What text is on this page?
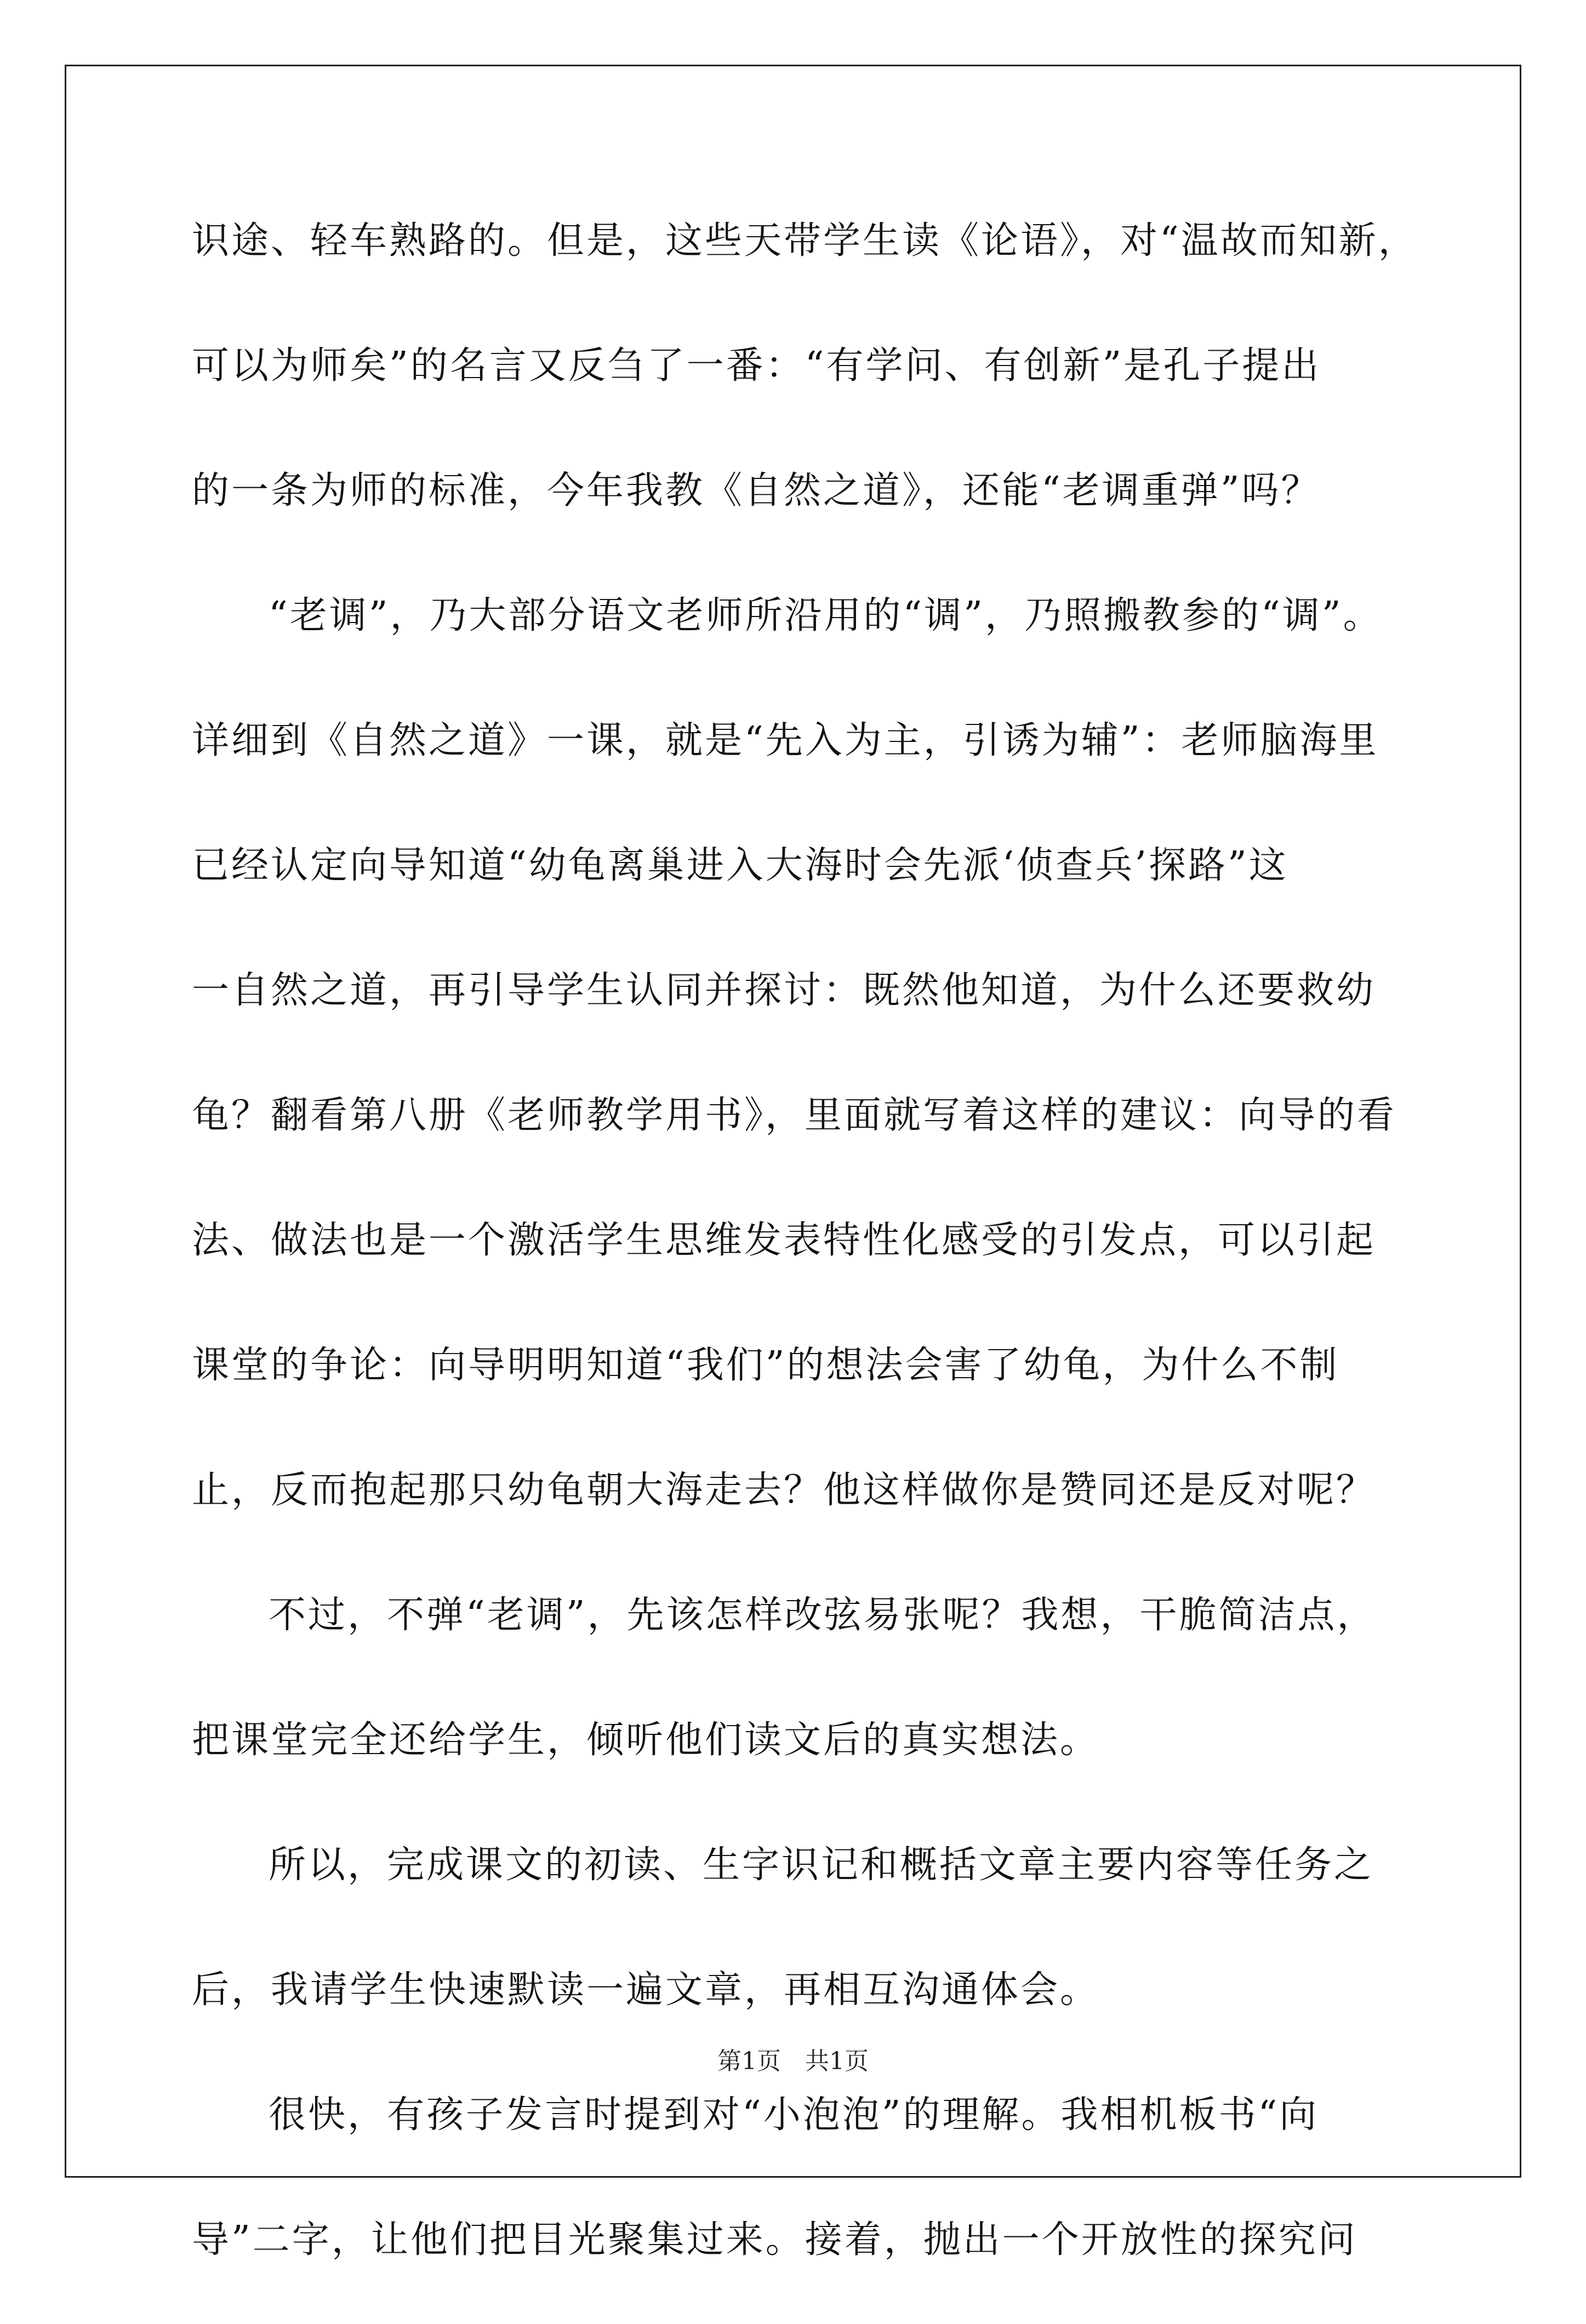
识途、轻车熟路的。但是，这些天带学生读《论语》，对“温故而知新，
可以为师矣”的名言又反刍了一番：“有学问、有创新”是孔子提出
的一条为师的标准，今年我教《自然之道》，还能“老调重弹”吗？
“老调”，乃大部分语文老师所沿用的“调”，乃照搬教参的“调”。
详细到《自然之道》一课，就是“先入为主，引诱为辅”：老师脑海里
已经认定向导知道“幼龟离巢进入大海时会先派‘侦查兵’探路”这
一自然之道，再引导学生认同并探讨：既然他知道，为什么还要救幼
龟？翻看第八册《老师教学用书》，里面就写着这样的建议：向导的看
法、做法也是一个激活学生思维发表特性化感受的引发点，可以引起
课堂的争论：向导明明知道“我们”的想法会害了幼龟，为什么不制
止，反而抱起那只幼龟朝大海走去？他这样做你是赞同还是反对呢？
不过，不弹“老调”，先该怎样改弦易张呢？我想，干脆简洁点，
把课堂完全还给学生，倾听他们读文后的真实想法。
所以，完成课文的初读、生字识记和概括文章主要内容等任务之
后，我请学生快速默读一遍文章，再相互沟通体会。
很快，有孩子发言时提到对“小泡泡”的理解。我相机板书“向
导”二字，让他们把目光聚集过来。接着，抛出一个开放性的探究问
第1页　共1页
